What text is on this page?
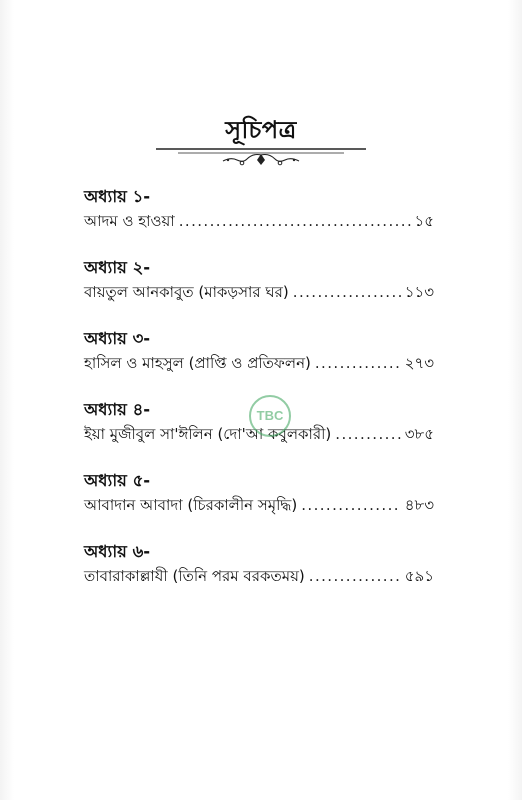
সূচিপত্র
অধ্যায় ১-
আদম ও হাওয়া .....	১৫
অধ্যায় ২-
বায়তুল আনকাবুত (মাকড়সার ঘর) .....	১১৩
অধ্যায় ৩-
হাসিল ও মাহসুল (প্রাপ্তি ও প্রতিফলন) .....	২৭৩
অধ্যায় ৪-
ইয়া মুজীবুল সা'ঈলিন (দো'আ কবুলকারী) .....	৩৮৫
অধ্যায় ৫-
আবাদান আবাদা (চিরকালীন সমৃদ্ধি) .....	৪৮৩
অধ্যায় ৬-
তাবারাকাল্লাযী (তিনি পরম বরকতময়) .....	৫৯১
TBC
